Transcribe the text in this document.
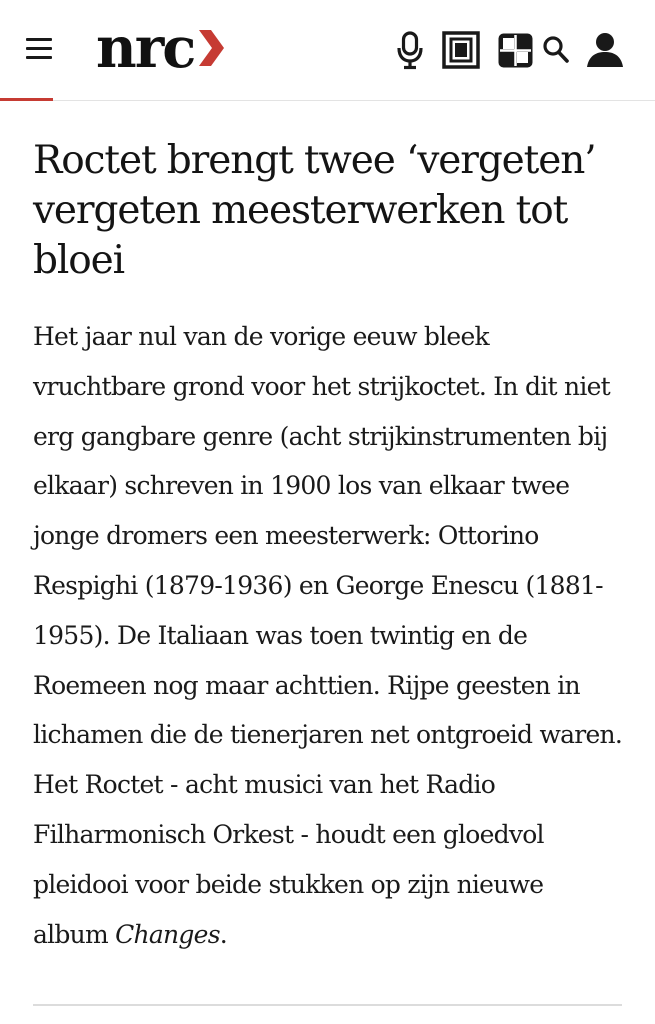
nrc
Roctet brengt twee ‘vergeten’ vergeten meesterwerken tot bloei

Het jaar nul van de vorige eeuw bleek vruchtbare grond voor het strijkoctet. In dit niet erg gangbare genre (acht strijkinstrumenten bij elkaar) schreven in 1900 los van elkaar twee jonge dromers een meesterwerk: Ottorino Respighi (1879-1936) en George Enescu (1881-1955). De Italiaan was toen twintig en de Roemeen nog maar achttien. Rijpe geesten in lichamen die de tienerjaren net ontgroeid waren. Het Roctet - acht musici van het Radio Filharmonisch Orkest - houdt een gloedvol pleidooi voor beide stukken op zijn nieuwe album Changes.
